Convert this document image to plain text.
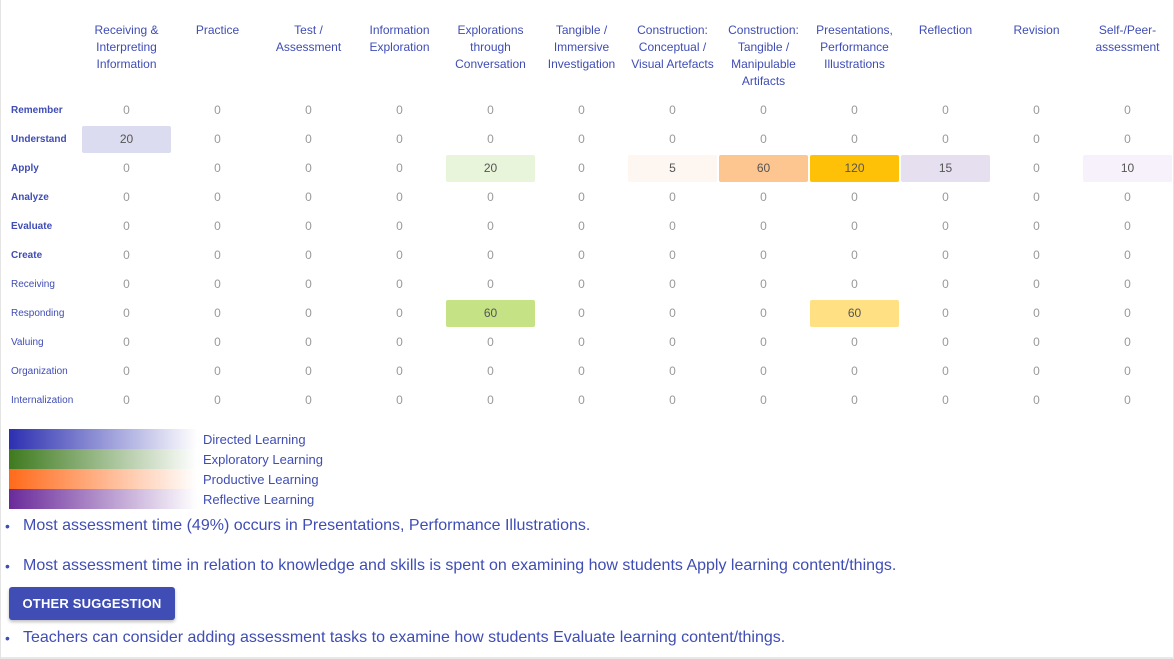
	Receiving & Interpreting Information	Practice	Test / Assessment	Information Exploration	Explorations through Conversation	Tangible / Immersive Investigation	Construction: Conceptual / Visual Artefacts	Construction: Tangible / Manipulable Artifacts	Presentations, Performance Illustrations	Reflection	Revision	Self-/Peer-assessment
Remember	0	0	0	0	0	0	0	0	0	0	0	0

Understand	20	0	0	0	0	0	0	0	0	0	0	0

Apply	0	0	0	0	20	0	5	60	120	15	0	10

Analyze	0	0	0	0	0	0	0	0	0	0	0	0

Evaluate	0	0	0	0	0	0	0	0	0	0	0	0

Create	0	0	0	0	0	0	0	0	0	0	0	0

Receiving	0	0	0	0	0	0	0	0	0	0	0	0

Responding	0	0	0	0	60	0	0	0	60	0	0	0

Valuing	0	0	0	0	0	0	0	0	0	0	0	0

Organization	0	0	0	0	0	0	0	0	0	0	0	0

Internalization	0	0	0	0	0	0	0	0	0	0	0	0
Directed Learning
Exploratory Learning
Productive Learning
Reflective Learning
• Most assessment time (49%) occurs in Presentations, Performance Illustrations.
• Most assessment time in relation to knowledge and skills is spent on examining how students Apply learning content/things.
• Teachers can consider adding assessment tasks to examine how students Evaluate learning content/things.
OTHER SUGGESTION
